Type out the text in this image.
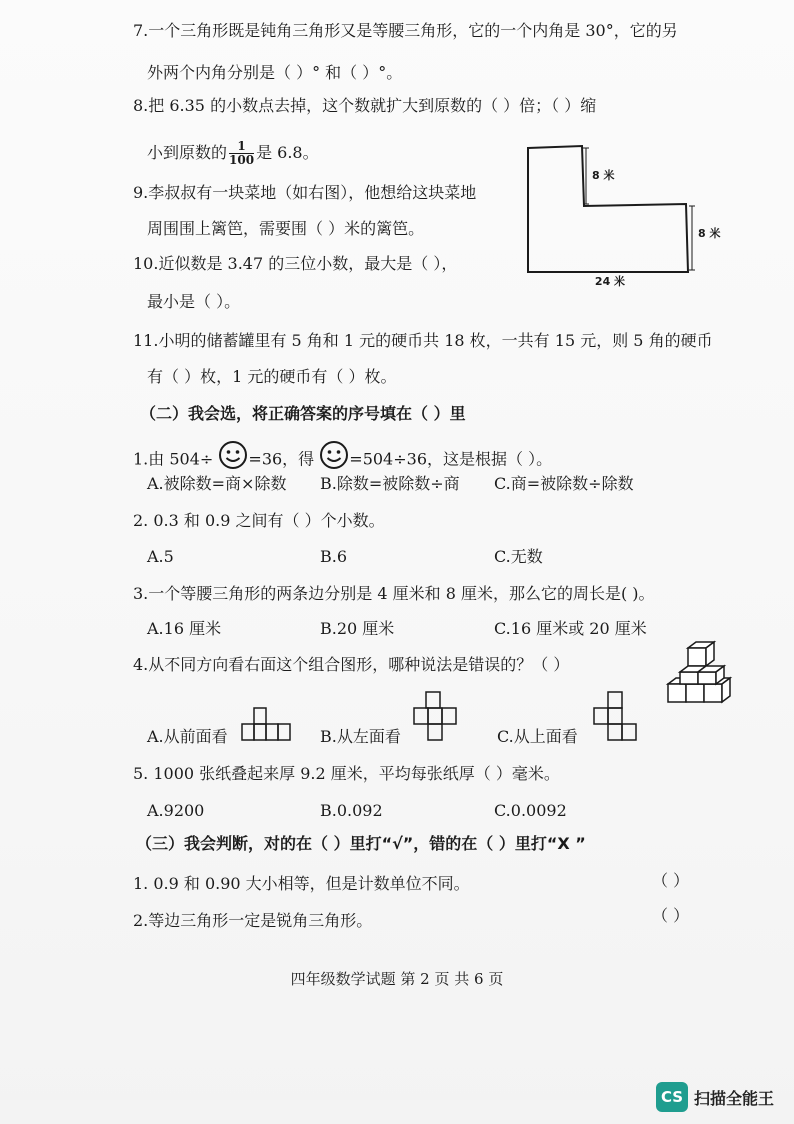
7.一个三角形既是钝角三角形又是等腰三角形，它的一个内角是 30°，它的另
外两个内角分别是（ ）° 和（ ）°。
8.把 6.35 的小数点去掉，这个数就扩大到原数的（ ）倍；（ ）缩
小到原数的 $\frac{1}{100}$ 是 6.8。
9.李叔叔有一块菜地（如右图），他想给这块菜地
周围围上篱笆，需要围（ ）米的篱笆。
10.近似数是 3.47 的三位小数，最大是（ ），
最小是（ ）。
8 米
8 米
24 米
11.小明的储蓄罐里有 5 角和 1 元的硬币共 18 枚，一共有 15 元，则 5 角的硬币
有（ ）枚，1 元的硬币有（ ）枚。
（二）我会选，将正确答案的序号填在（ ）里
1.由 504÷ =36，得 =504÷36，这是根据（ ）。
A.被除数=商×除数 B.除数=被除数÷商 C.商=被除数÷除数
2. 0.3 和 0.9 之间有（ ）个小数。
A.5	B.6	C.无数
3.一个等腰三角形的两条边分别是 4 厘米和 8 厘米，那么它的周长是( )。
A.16 厘米	B.20 厘米	C.16 厘米或 20 厘米
4.从不同方向看右面这个组合图形，哪种说法是错误的？（ ）
A.从前面看	B.从左面看	C.从上面看
5. 1000 张纸叠起来厚 9.2 厘米，平均每张纸厚（ ）毫米。
A.9200	B.0.092	C.0.0092
（三）我会判断，对的在（ ）里打“√”，错的在（ ）里打“X ”
1. 0.9 和 0.90 大小相等，但是计数单位不同。	（ ）
2.等边三角形一定是锐角三角形。	（ ）
四年级数学试题 第 2 页 共 6 页
CS 扫描全能王
